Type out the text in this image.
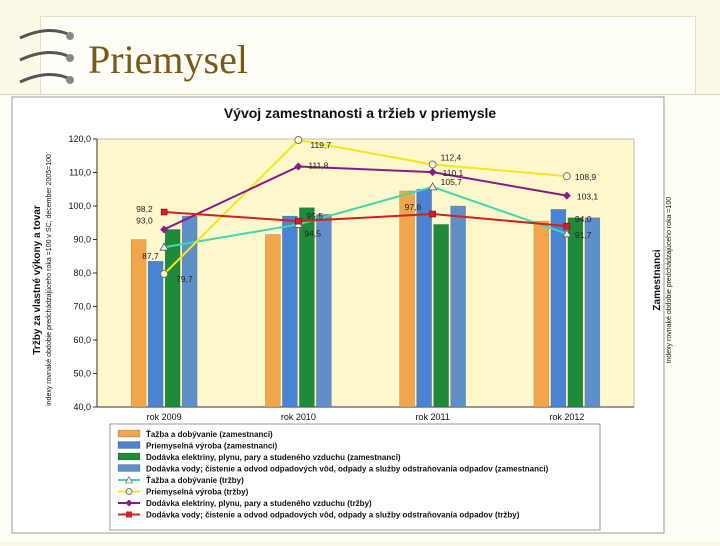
Priemysel
Vývoj zamestnanosti a tržieb v priemysle
Tržby za vlastné výkony a tovar indexy rovnaké obdobie predchádzajúceho roka =100 v SC; december 2005=100	Zamestnanci indexy rovnaké obdobie predchádzajúceho roka =100
40,0
50,0
60,0
70,0
80,0
90,0
100,0
110,0
120,0
87,7
94,5
105,7
91,7
79,7
119,7
112,4
108,9
93,0
111,8
110,1
103,1
98,2
95,5
97,6
94,0
rok 2009	rok 2010	rok 2011	rok 2012
Ťažba a dobývanie (zamestnanci)
Priemyselná výroba (zamestnanci)
Dodávka elektriny, plynu, pary a studeného vzduchu (zamestnanci)
Dodávka vody; čistenie a odvod odpadových vôd, odpady a služby odstraňovania odpadov (zamestnanci)
Ťažba a dobývanie (tržby)
Priemyselná výroba (tržby)
Dodávka elektriny, plynu, pary a studeného vzduchu (tržby)
Dodávka vody; čistenie a odvod odpadových vôd, odpady a služby odstraňovania odpadov (tržby)
